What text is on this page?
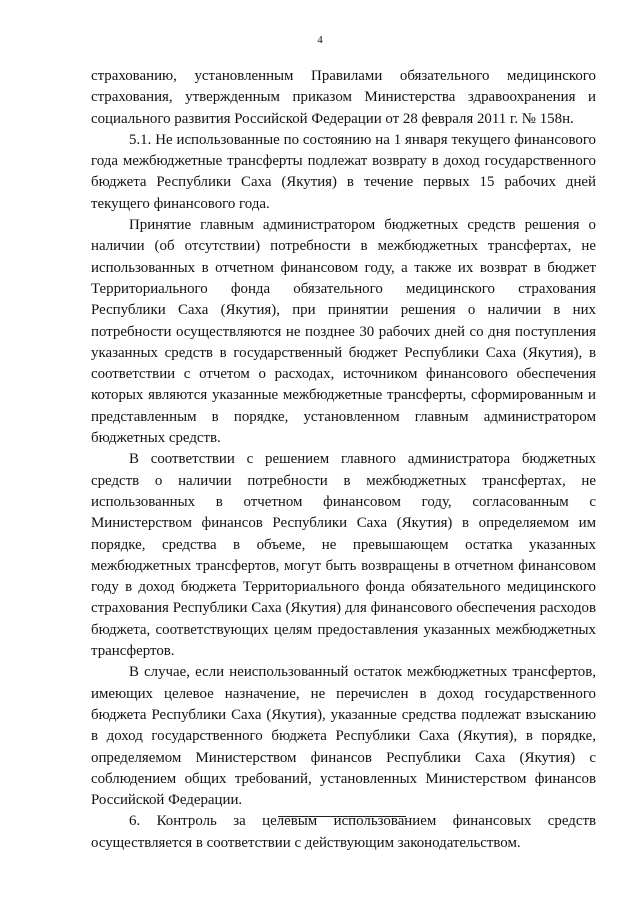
4

страхованию, установленным Правилами обязательного медицинского страхования, утвержденным приказом Министерства здравоохранения и социального развития Российской Федерации от 28 февраля 2011 г. № 158н.

5.1. Не использованные по состоянию на 1 января текущего финансового года межбюджетные трансферты подлежат возврату в доход государственного бюджета Республики Саха (Якутия) в течение первых 15 рабочих дней текущего финансового года.

Принятие главным администратором бюджетных средств решения о наличии (об отсутствии) потребности в межбюджетных трансфертах, не использованных в отчетном финансовом году, а также их возврат в бюджет Территориального фонда обязательного медицинского страхования Республики Саха (Якутия), при принятии решения о наличии в них потребности осуществляются не позднее 30 рабочих дней со дня поступления указанных средств в государственный бюджет Республики Саха (Якутия), в соответствии с отчетом о расходах, источником финансового обеспечения которых являются указанные межбюджетные трансферты, сформированным и представленным в порядке, установленном главным администратором бюджетных средств.

В соответствии с решением главного администратора бюджетных средств о наличии потребности в межбюджетных трансфертах, не использованных в отчетном финансовом году, согласованным с Министерством финансов Республики Саха (Якутия) в определяемом им порядке, средства в объеме, не превышающем остатка указанных межбюджетных трансфертов, могут быть возвращены в отчетном финансовом году в доход бюджета Территориального фонда обязательного медицинского страхования Республики Саха (Якутия) для финансового обеспечения расходов бюджета, соответствующих целям предоставления указанных межбюджетных трансфертов.

В случае, если неиспользованный остаток межбюджетных трансфертов, имеющих целевое назначение, не перечислен в доход государственного бюджета Республики Саха (Якутия), указанные средства подлежат взысканию в доход государственного бюджета Республики Саха (Якутия), в порядке, определяемом Министерством финансов Республики Саха (Якутия) с соблюдением общих требований, установленных Министерством финансов Российской Федерации.

6. Контроль за целевым использованием финансовых средств осуществляется в соответствии с действующим законодательством.
